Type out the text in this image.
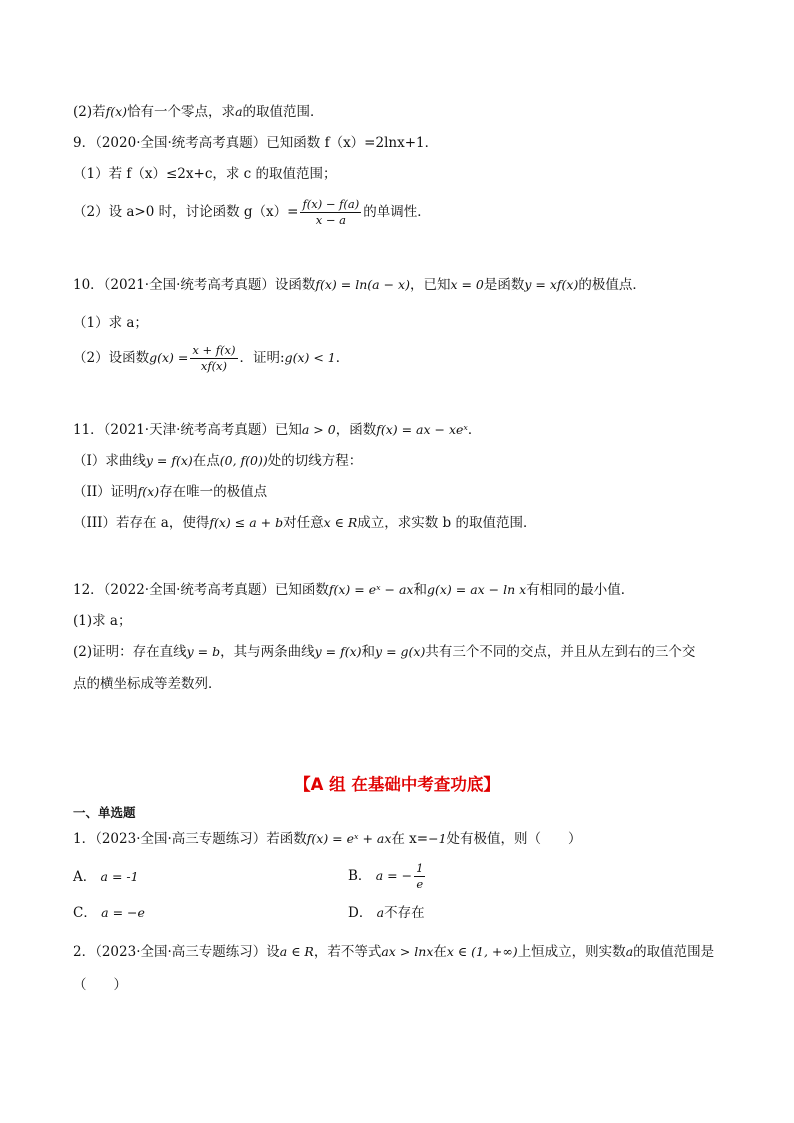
(2)若f(x)恰有一个零点，求a的取值范围．
9．（2020·全国·统考高考真题）已知函数 f（x）=2lnx+1．
（1）若 f（x）≤2x+c，求 c 的取值范围；
（2）设 a>0 时，讨论函数 $g(x)= \frac{f(x) - f(a)}{x - a}$ 的单调性．
10．（2021·全国·统考高考真题）设函数f(x) = ln(a − x)，已知x = 0是函数y = xf(x)的极值点．
（1）求 a；
（2）设函数$g(x) = \frac{x + f(x)}{xf(x)}$ ．证明:g(x) < 1．
11．（2021·天津·统考高考真题）已知a > 0，函数f(x) = ax − xeˣ．
（I）求曲线y = f(x)在点(0, f(0))处的切线方程：
（II）证明f(x)存在唯一的极值点
（III）若存在 a，使得f(x) ≤ a + b对任意x ∈ R成立，求实数 b 的取值范围．
12．（2022·全国·统考高考真题）已知函数f(x) = eˣ − ax和g(x) = ax − ln x有相同的最小值．
(1)求 a；
(2)证明：存在直线y = b，其与两条曲线y = f(x)和y = g(x)共有三个不同的交点，并且从左到右的三个交
点的横坐标成等差数列．
【A 组 在基础中考查功底】
一、单选题
1．（2023·全国·高三专题练习）若函数f(x) = eˣ + ax在 x=−1处有极值，则（　　）
A． a = -1	B． a = − $\frac{1}{e}$
C． a = −e	D． a不存在
2．（2023·全国·高三专题练习）设a ∈ R，若不等式ax > lnx在x ∈ (1, +∞)上恒成立，则实数a的取值范围是
（　　）
